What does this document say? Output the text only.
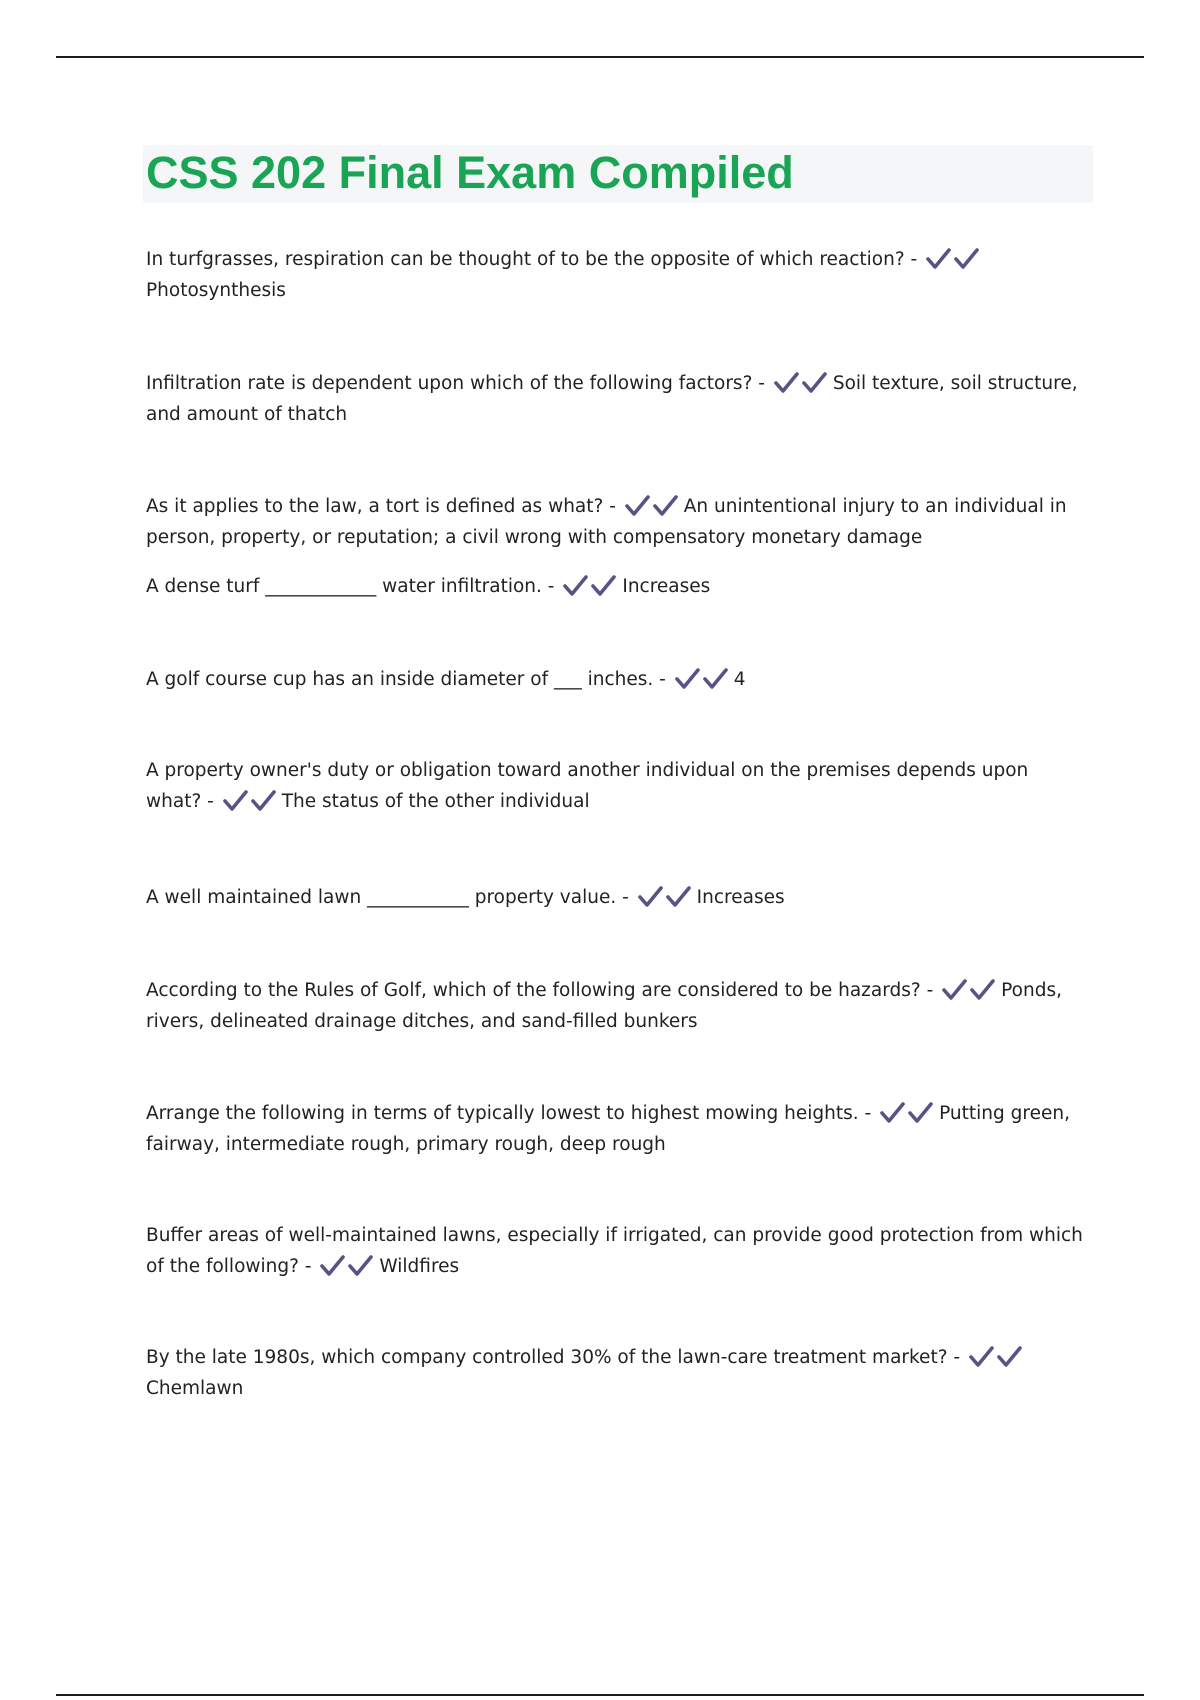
CSS 202 Final Exam Compiled

In turfgrasses, respiration can be thought of to be the opposite of which reaction? -
Photosynthesis

Infiltration rate is dependent upon which of the following factors? -	Soil texture, soil structure, and amount of thatch

As it applies to the law, a tort is defined as what? -	An unintentional injury to an individual in person, property, or reputation; a civil wrong with compensatory monetary damage

A dense turf ____________ water infiltration. -	Increases

A golf course cup has an inside diameter of ___ inches. -	4

A property owner's duty or obligation toward another individual on the premises depends upon what? -	The status of the other individual

A well maintained lawn ___________ property value. -	Increases

According to the Rules of Golf, which of the following are considered to be hazards? -	Ponds, rivers, delineated drainage ditches, and sand-filled bunkers

Arrange the following in terms of typically lowest to highest mowing heights. -	Putting green, fairway, intermediate rough, primary rough, deep rough

Buffer areas of well-maintained lawns, especially if irrigated, can provide good protection from which of the following? -	Wildfires

By the late 1980s, which company controlled 30% of the lawn-care treatment market? -
Chemlawn
